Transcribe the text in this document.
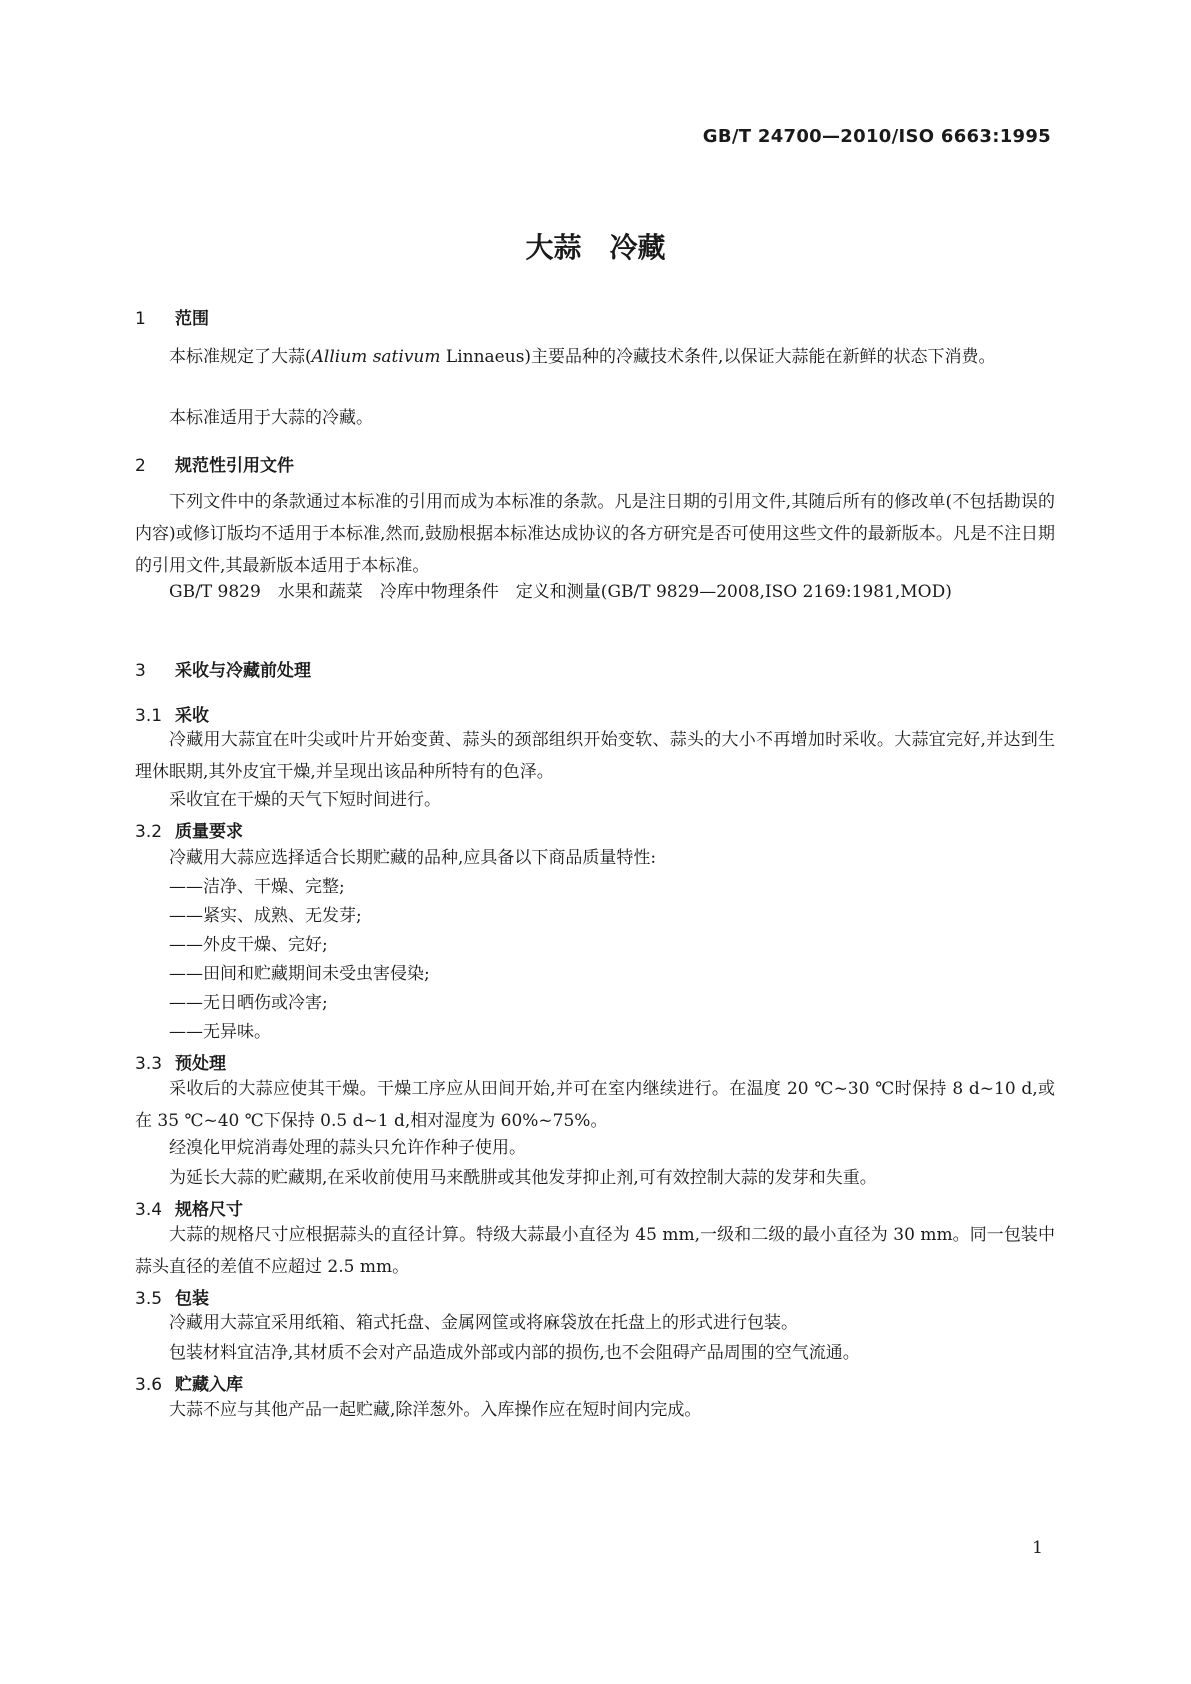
GB/T 24700—2010/ISO 6663:1995
大蒜　冷藏
1 范围

本标准规定了大蒜(Allium sativum Linnaeus)主要品种的冷藏技术条件,以保证大蒜能在新鲜的状态下消费。

本标准适用于大蒜的冷藏。

2 规范性引用文件

下列文件中的条款通过本标准的引用而成为本标准的条款。凡是注日期的引用文件,其随后所有的修改单(不包括勘误的内容)或修订版均不适用于本标准,然而,鼓励根据本标准达成协议的各方研究是否可使用这些文件的最新版本。凡是不注日期的引用文件,其最新版本适用于本标准。

GB/T 9829　水果和蔬菜　冷库中物理条件　定义和测量(GB/T 9829—2008,ISO 2169:1981,MOD)

3 采收与冷藏前处理
3.1 采收

冷藏用大蒜宜在叶尖或叶片开始变黄、蒜头的颈部组织开始变软、蒜头的大小不再增加时采收。大蒜宜完好,并达到生理休眠期,其外皮宜干燥,并呈现出该品种所特有的色泽。

采收宜在干燥的天气下短时间进行。

3.2 质量要求

冷藏用大蒜应选择适合长期贮藏的品种,应具备以下商品质量特性:

——洁净、干燥、完整;
——紧实、成熟、无发芽;
——外皮干燥、完好;
——田间和贮藏期间未受虫害侵染;
——无日晒伤或冷害;
——无异味。
3.3 预处理

采收后的大蒜应使其干燥。干燥工序应从田间开始,并可在室内继续进行。在温度 20 ℃~30 ℃时保持 8 d~10 d,或在 35 ℃~40 ℃下保持 0.5 d~1 d,相对湿度为 60%~75%。

经溴化甲烷消毒处理的蒜头只允许作种子使用。

为延长大蒜的贮藏期,在采收前使用马来酰肼或其他发芽抑止剂,可有效控制大蒜的发芽和失重。

3.4 规格尺寸

大蒜的规格尺寸应根据蒜头的直径计算。特级大蒜最小直径为 45 mm,一级和二级的最小直径为 30 mm。同一包装中蒜头直径的差值不应超过 2.5 mm。

3.5 包装

冷藏用大蒜宜采用纸箱、箱式托盘、金属网筐或将麻袋放在托盘上的形式进行包装。

包装材料宜洁净,其材质不会对产品造成外部或内部的损伤,也不会阻碍产品周围的空气流通。

3.6 贮藏入库

大蒜不应与其他产品一起贮藏,除洋葱外。入库操作应在短时间内完成。

1
